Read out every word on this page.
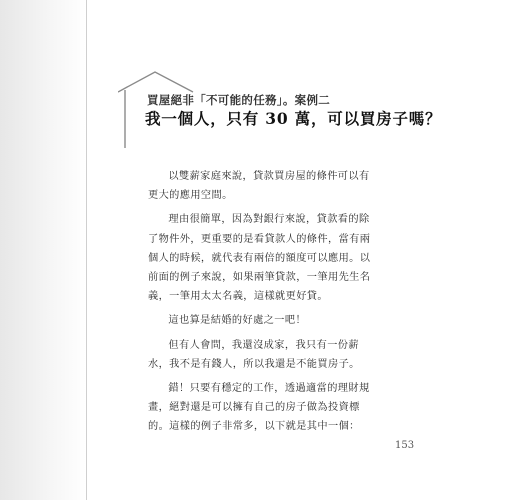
買屋絕非「不可能的任務」。案例二
我一個人，只有 30 萬，可以買房子嗎？

以雙薪家庭來說，貸款買房屋的條件可以有更大的應用空間。

理由很簡單，因為對銀行來說，貸款看的除了物件外，更重要的是看貸款人的條件，當有兩個人的時候，就代表有兩倍的額度可以應用。以前面的例子來說，如果兩筆貸款，一筆用先生名義，一筆用太太名義，這樣就更好貸。

這也算是結婚的好處之一吧！

但有人會問，我還沒成家，我只有一份薪水，我不是有錢人，所以我還是不能買房子。

錯！只要有穩定的工作，透過適當的理財規畫，絕對還是可以擁有自己的房子做為投資標的。這樣的例子非常多，以下就是其中一個：

153
